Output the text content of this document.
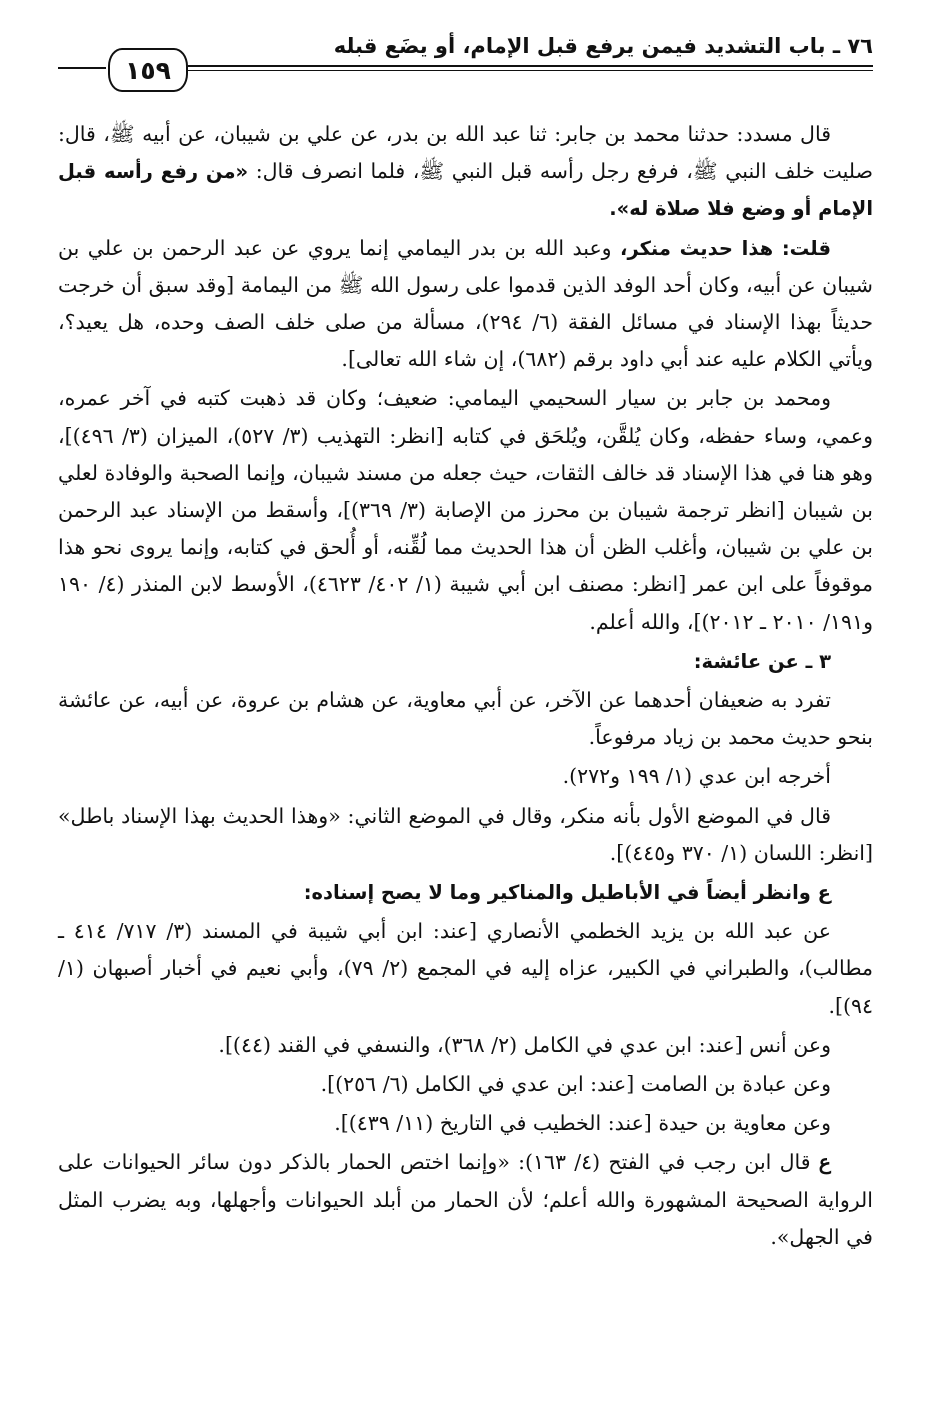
٧٦ ـ باب التشديد فيمن يرفع قبل الإمام، أو يضَع قبله
١٥٩

قال مسدد: حدثنا محمد بن جابر: ثنا عبد الله بن بدر، عن علي بن شيبان، عن أبيه ﷺ، قال: صليت خلف النبي ﷺ، فرفع رجل رأسه قبل النبي ﷺ، فلما انصرف قال: «من رفع رأسه قبل الإمام أو وضع فلا صلاة له».

قلت: هذا حديث منكر، وعبد الله بن بدر اليمامي إنما يروي عن عبد الرحمن بن علي بن شيبان عن أبيه، وكان أحد الوفد الذين قدموا على رسول الله ﷺ من اليمامة [وقد سبق أن خرجت حديثاً بهذا الإسناد في مسائل الفقة (٦/ ٢٩٤)، مسألة من صلى خلف الصف وحده، هل يعيد؟، ويأتي الكلام عليه عند أبي داود برقم (٦٨٢)، إن شاء الله تعالى].

ومحمد بن جابر بن سيار السحيمي اليمامي: ضعيف؛ وكان قد ذهبت كتبه في آخر عمره، وعمي، وساء حفظه، وكان يُلقَّن، ويُلحَق في كتابه [انظر: التهذيب (٣/ ٥٢٧)، الميزان (٣/ ٤٩٦)]، وهو هنا في هذا الإسناد قد خالف الثقات، حيث جعله من مسند شيبان، وإنما الصحبة والوفادة لعلي بن شيبان [انظر ترجمة شيبان بن محرز من الإصابة (٣/ ٣٦٩)]، وأسقط من الإسناد عبد الرحمن بن علي بن شيبان، وأغلب الظن أن هذا الحديث مما لُقِّنه، أو أُلحق في كتابه، وإنما يروى نحو هذا موقوفاً على ابن عمر [انظر: مصنف ابن أبي شيبة (١/ ٤٠٢/ ٤٦٢٣)، الأوسط لابن المنذر (٤/ ١٩٠ و١٩١/ ٢٠١٠ ـ ٢٠١٢)]، والله أعلم.

٣ ـ عن عائشة:

تفرد به ضعيفان أحدهما عن الآخر، عن أبي معاوية، عن هشام بن عروة، عن أبيه، عن عائشة بنحو حديث محمد بن زياد مرفوعاً.

أخرجه ابن عدي (١/ ١٩٩ و٢٧٢).

قال في الموضع الأول بأنه منكر، وقال في الموضع الثاني: «وهذا الحديث بهذا الإسناد باطل» [انظر: اللسان (١/ ٣٧٠ و٤٤٥)].

ع وانظر أيضاً في الأباطيل والمناكير وما لا يصح إسناده:

عن عبد الله بن يزيد الخطمي الأنصاري [عند: ابن أبي شيبة في المسند (٣/ ٧١٧/ ٤١٤ ـ مطالب)، والطبراني في الكبير، عزاه إليه في المجمع (٢/ ٧٩)، وأبي نعيم في أخبار أصبهان (١/ ٩٤)].

وعن أنس [عند: ابن عدي في الكامل (٢/ ٣٦٨)، والنسفي في القند (٤٤)].

وعن عبادة بن الصامت [عند: ابن عدي في الكامل (٦/ ٢٥٦)].

وعن معاوية بن حيدة [عند: الخطيب في التاريخ (١١/ ٤٣٩)].

ع قال ابن رجب في الفتح (٤/ ١٦٣): «وإنما اختص الحمار بالذكر دون سائر الحيوانات على الرواية الصحيحة المشهورة والله أعلم؛ لأن الحمار من أبلد الحيوانات وأجهلها، وبه يضرب المثل في الجهل».
